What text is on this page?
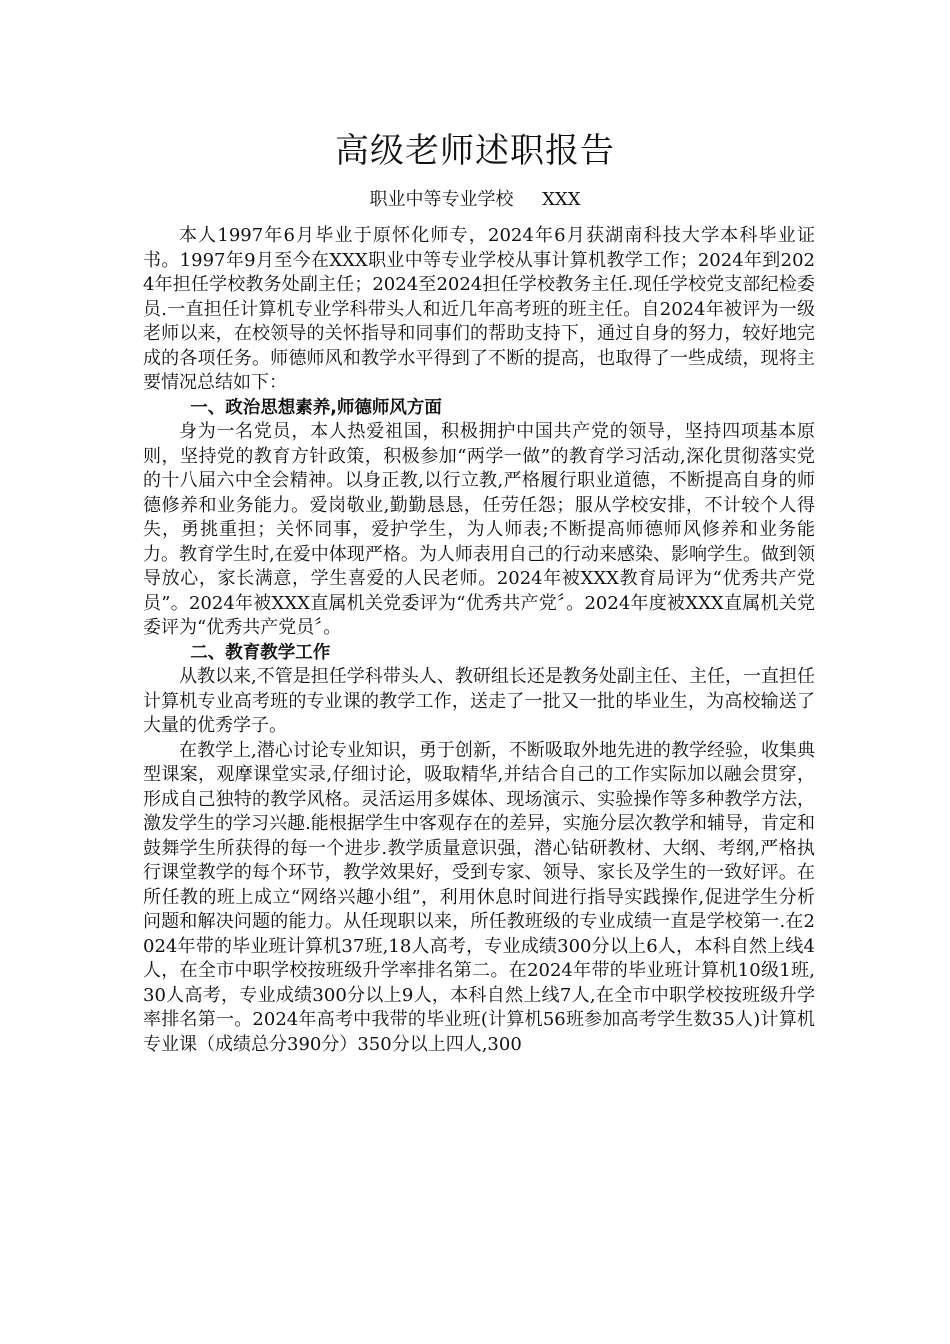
高级老师述职报告
职业中等专业学校     XXX

本人1997年6月毕业于原怀化师专，2024年6月获湖南科技大学本科毕业证书。1997年9月至今在XXX职业中等专业学校从事计算机教学工作；2024年到2024年担任学校教务处副主任；2024至2024担任学校教务主任.现任学校党支部纪检委员.一直担任计算机专业学科带头人和近几年高考班的班主任。自2024年被评为一级老师以来，在校领导的关怀指导和同事们的帮助支持下，通过自身的努力，较好地完成的各项任务。师德师风和教学水平得到了不断的提高，也取得了一些成绩，现将主要情况总结如下：

一、政治思想素养,师德师风方面

身为一名党员，本人热爱祖国，积极拥护中国共产党的领导，坚持四项基本原则，坚持党的教育方针政策，积极参加“两学一做”的教育学习活动,深化贯彻落实党的十八届六中全会精神。以身正教,以行立教,严格履行职业道德，不断提高自身的师德修养和业务能力。爱岗敬业,勤勤恳恳，任劳任怨；服从学校安排，不计较个人得失，勇挑重担；关怀同事，爱护学生，为人师表;不断提高师德师风修养和业务能力。教育学生时,在爱中体现严格。为人师表用自己的行动来感染、影响学生。做到领导放心，家长满意，学生喜爱的人民老师。2024年被XXX教育局评为“优秀共产党员”。2024年被XXX直属机关党委评为“优秀共产党〞。2024年度被XXX直属机关党委评为“优秀共产党员〞。

二、教育教学工作

从教以来,不管是担任学科带头人、教研组长还是教务处副主任、主任，一直担任计算机专业高考班的专业课的教学工作，送走了一批又一批的毕业生，为高校输送了大量的优秀学子。

在教学上,潜心讨论专业知识，勇于创新，不断吸取外地先进的教学经验，收集典型课案，观摩课堂实录,仔细讨论，吸取精华,并结合自己的工作实际加以融会贯穿，形成自己独特的教学风格。灵活运用多媒体、现场演示、实验操作等多种教学方法，激发学生的学习兴趣.能根据学生中客观存在的差异，实施分层次教学和辅导，肯定和鼓舞学生所获得的每一个进步.教学质量意识强，潜心钻研教材、大纲、考纲,严格执行课堂教学的每个环节，教学效果好，受到专家、领导、家长及学生的一致好评。在所任教的班上成立“网络兴趣小组”，利用休息时间进行指导实践操作,促进学生分析问题和解决问题的能力。从任现职以来，所任教班级的专业成绩一直是学校第一.在2024年带的毕业班计算机37班,18人高考，专业成绩300分以上6人，本科自然上线4人，在全市中职学校按班级升学率排名第二。在2024年带的毕业班计算机10级1班,30人高考，专业成绩300分以上9人，本科自然上线7人,在全市中职学校按班级升学率排名第一。2024年高考中我带的毕业班(计算机56班参加高考学生数35人)计算机专业课（成绩总分390分）350分以上四人,300
